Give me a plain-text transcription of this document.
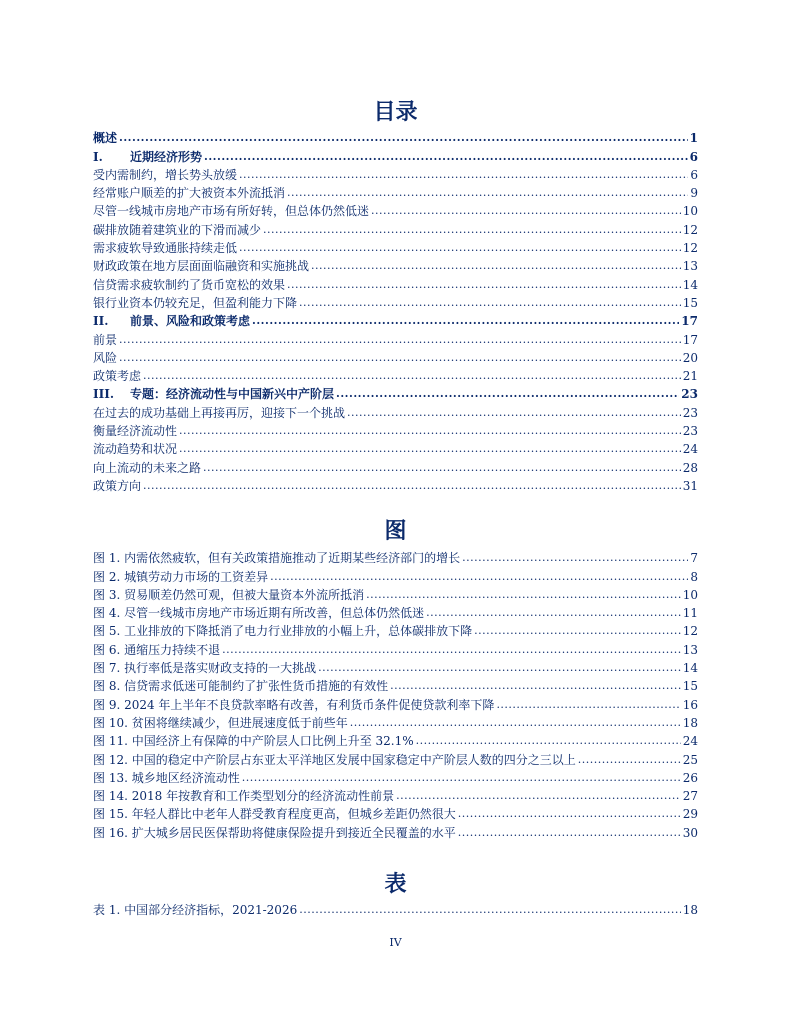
目录
概述 .....	1
I.	近期经济形势 .....	6
受内需制约，增长势头放缓 .....	6
经常账户顺差的扩大被资本外流抵消 .....	9
尽管一线城市房地产市场有所好转，但总体仍然低迷 .....	10
碳排放随着建筑业的下滑而减少 .....	12
需求疲软导致通胀持续走低 .....	12
财政政策在地方层面面临融资和实施挑战 .....	13
信贷需求疲软制约了货币宽松的效果 .....	14
银行业资本仍较充足，但盈利能力下降 .....	15
II.	前景、风险和政策考虑 .....	17
前景 .....	17
风险 .....	20
政策考虑 .....	21
III.	专题：经济流动性与中国新兴中产阶层 .....	23
在过去的成功基础上再接再厉，迎接下一个挑战 .....	23
衡量经济流动性 .....	23
流动趋势和状况 .....	24
向上流动的未来之路 .....	28
政策方向 .....	31
图
图 1. 内需依然疲软，但有关政策措施推动了近期某些经济部门的增长 .....	7
图 2. 城镇劳动力市场的工资差异 .....	8
图 3. 贸易顺差仍然可观，但被大量资本外流所抵消 .....	10
图 4. 尽管一线城市房地产市场近期有所改善，但总体仍然低迷 .....	11
图 5. 工业排放的下降抵消了电力行业排放的小幅上升，总体碳排放下降 .....	12
图 6. 通缩压力持续不退 .....	13
图 7. 执行率低是落实财政支持的一大挑战 .....	14
图 8. 信贷需求低迷可能制约了扩张性货币措施的有效性 .....	15
图 9. 2024 年上半年不良贷款率略有改善，有利货币条件促使贷款利率下降 .....	16
图 10. 贫困将继续减少，但进展速度低于前些年 .....	18
图 11. 中国经济上有保障的中产阶层人口比例上升至 32.1% .....	24
图 12. 中国的稳定中产阶层占东亚太平洋地区发展中国家稳定中产阶层人数的四分之三以上 .....	25
图 13. 城乡地区经济流动性 .....	26
图 14. 2018 年按教育和工作类型划分的经济流动性前景 .....	27
图 15. 年轻人群比中老年人群受教育程度更高，但城乡差距仍然很大 .....	29
图 16. 扩大城乡居民医保帮助将健康保险提升到接近全民覆盖的水平 .....	30
表
表 1. 中国部分经济指标，2021-2026 .....	18
IV
